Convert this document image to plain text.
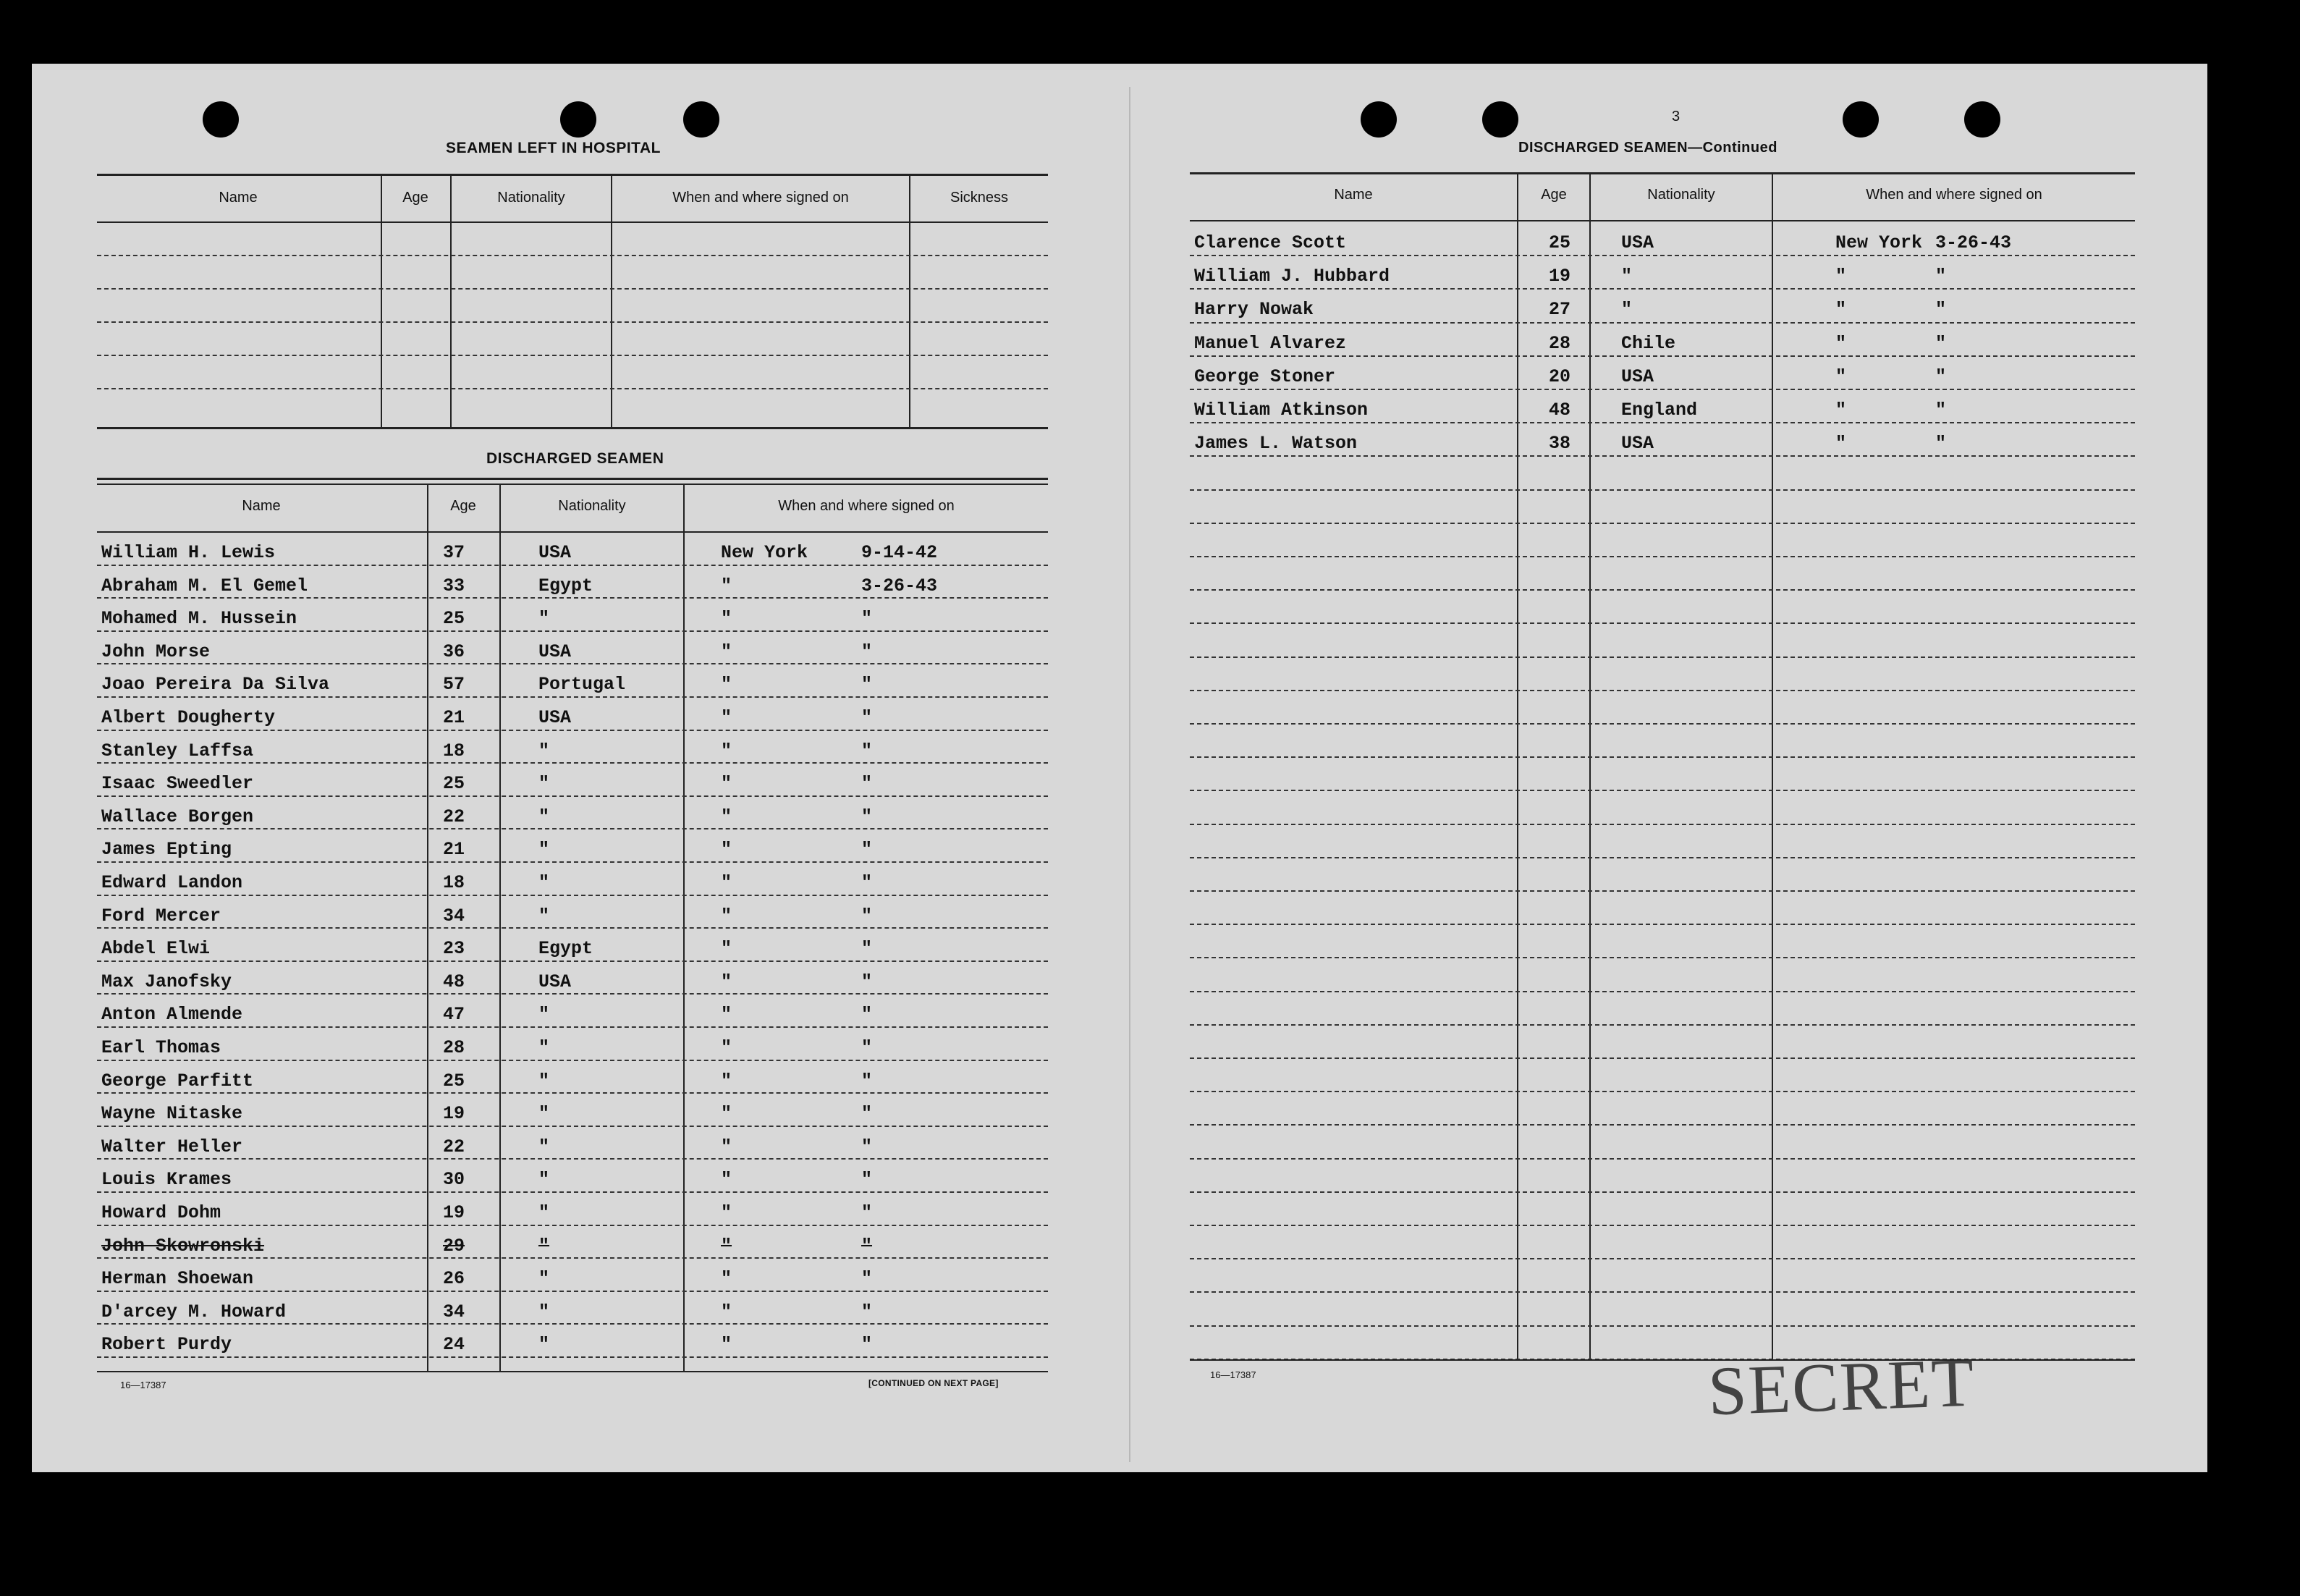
SEAMEN LEFT IN HOSPITAL
Name	Age	Nationality	When and where signed on	Sickness
DISCHARGED SEAMEN
Name	Age	Nationality	When and where signed on
William H. Lewis	37	USA	New York	9-14-42
Abraham M. El Gemel	33	Egypt	"	3-26-43
Mohamed M. Hussein	25	"	"	"
John Morse	36	USA	"	"
Joao Pereira Da Silva	57	Portugal	"	"
Albert Dougherty	21	USA	"	"
Stanley Laffsa	18	"	"	"
Isaac Sweedler	25	"	"	"
Wallace Borgen	22	"	"	"
James Epting	21	"	"	"
Edward Landon	18	"	"	"
Ford Mercer	34	"	"	"
Abdel Elwi	23	Egypt	"	"
Max Janofsky	48	USA	"	"
Anton Almende	47	"	"	"
Earl Thomas	28	"	"	"
George Parfitt	25	"	"	"
Wayne Nitaske	19	"	"	"
Walter Heller	22	"	"	"
Louis Krames	30	"	"	"
Howard Dohm	19	"	"	"
John Skowronski	29	"	"	"
Herman Shoewan	26	"	"	"
D'arcey M. Howard	34	"	"	"
Robert Purdy	24	"	"	"
16—17387	[CONTINUED ON NEXT PAGE]
3
DISCHARGED SEAMEN—Continued
Name	Age	Nationality	When and where signed on
Clarence Scott	25	USA	New York 3-26-43
William J. Hubbard	19	"	"	"
Harry Nowak	27	"	"	"
Manuel Alvarez	28	Chile	"	"
George Stoner	20	USA	"	"
William Atkinson	48	England	"	"
James L. Watson	38	USA	"	"
16—17387	SECRET
